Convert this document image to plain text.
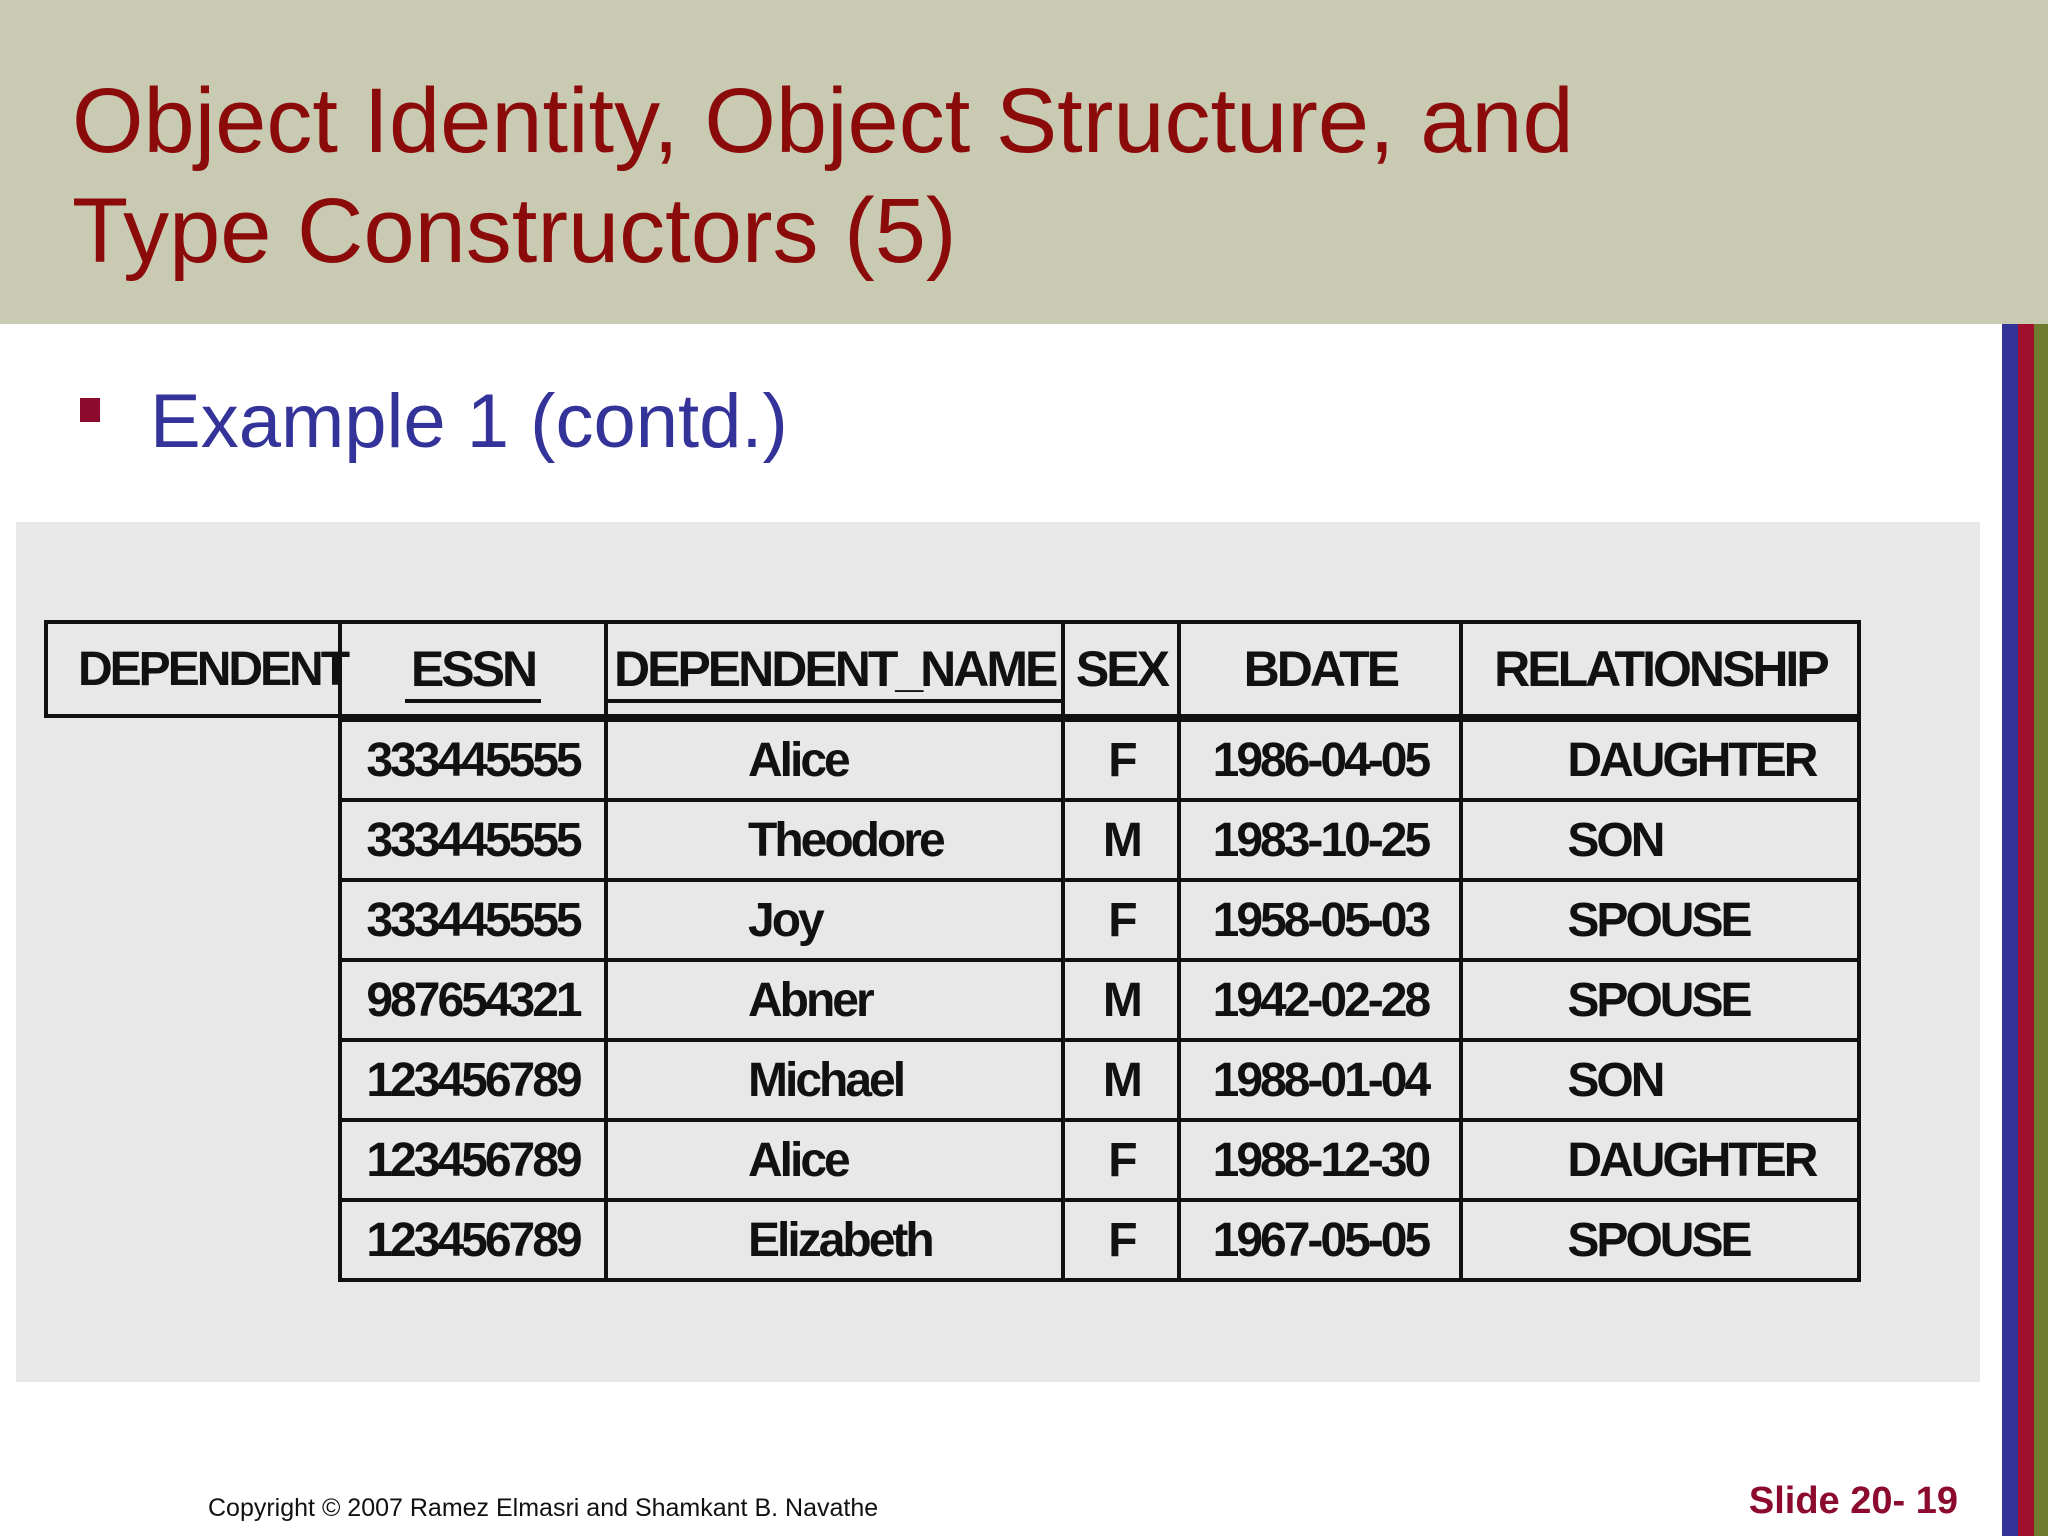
Object Identity, Object Structure, and
Type Constructors (5)
Example 1 (contd.)
DEPENDENT ESSN	DEPENDENT_NAME	SEX	BDATE	RELATIONSHIP
333445555	Alice	F	1986-04-05	DAUGHTER
333445555	Theodore	M	1983-10-25	SON
333445555	Joy	F	1958-05-03	SPOUSE
987654321	Abner	M	1942-02-28	SPOUSE
123456789	Michael	M	1988-01-04	SON
123456789	Alice	F	1988-12-30	DAUGHTER
123456789	Elizabeth	F	1967-05-05	SPOUSE
Copyright © 2007 Ramez Elmasri and Shamkant B. Navathe	Slide 20- 19
